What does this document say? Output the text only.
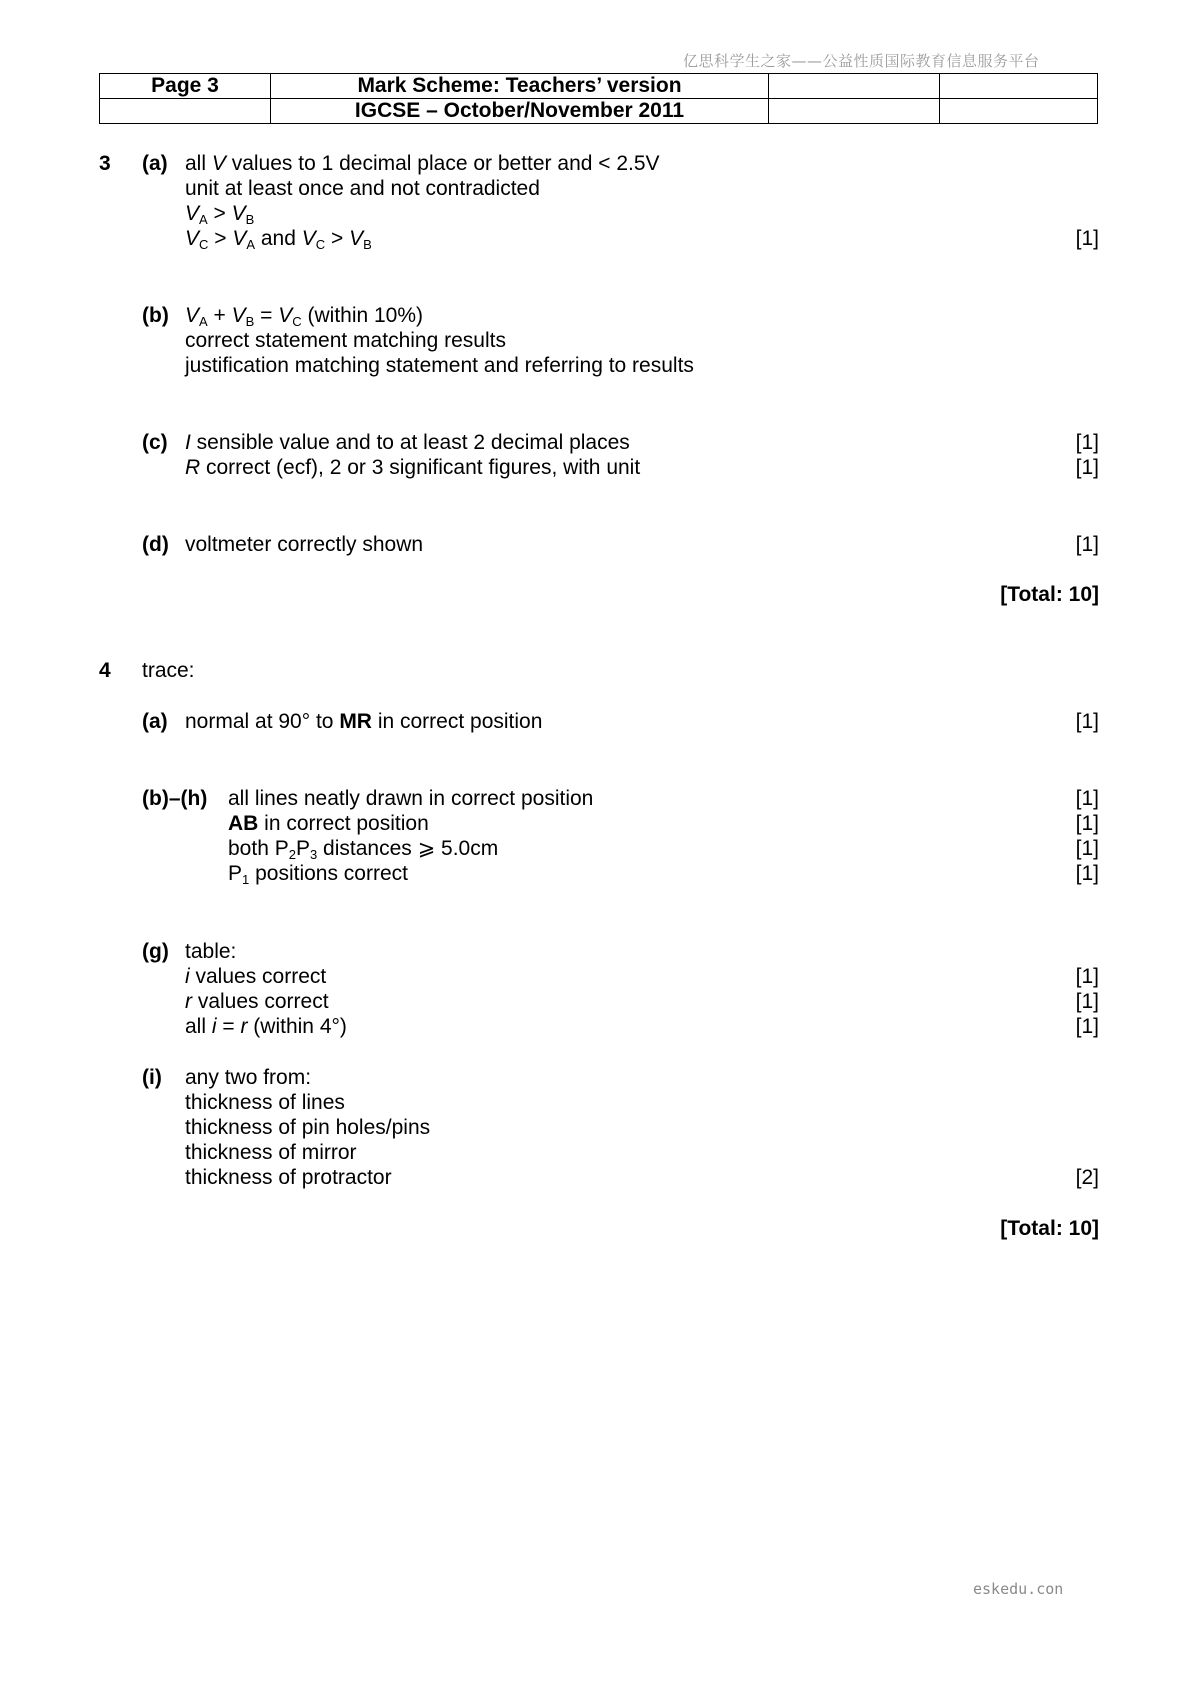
亿思科学生之家——公益性质国际教育信息服务平台
Page 3	Mark Scheme: Teachers’ version		
	IGCSE – October/November 2011		
3 (a) all V values to 1 decimal place or better and < 2.5V
unit at least once and not contradicted
$V_A > V_B$
$V_C > V_A$ and $V_C > V_B$	[1]
(b) $V_A + V_B = V_C$ (within 10%)
correct statement matching results
justification matching statement and referring to results
(c) I sensible value and to at least 2 decimal places	[1]
R correct (ecf), 2 or 3 significant figures, with unit	[1]
(d) voltmeter correctly shown	[1]
[Total: 10]
4 trace:
(a) normal at 90° to MR in correct position	[1]
(b)–(h) all lines neatly drawn in correct position	[1]
AB in correct position	[1]
both $P_2P_3$ distances ⩾ 5.0cm	[1]
$P_1$ positions correct	[1]
(g) table:
i values correct	[1]
r values correct	[1]
all i = r (within 4°)	[1]
(i) any two from:
thickness of lines
thickness of pin holes/pins
thickness of mirror
thickness of protractor	[2]
[Total: 10]
eskedu.con
